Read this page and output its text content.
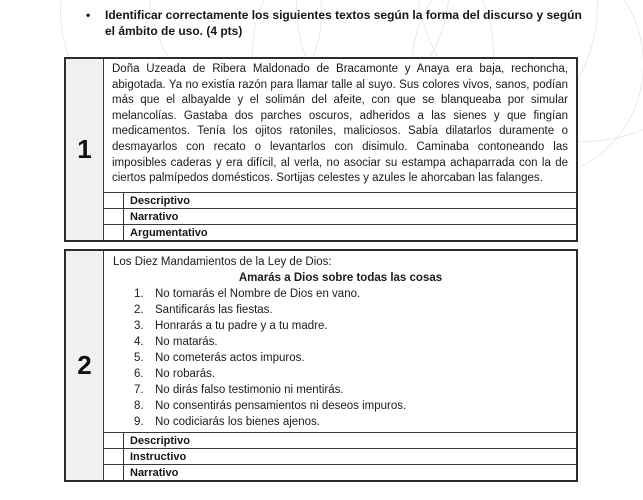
•	Identificar correctamente los siguientes textos según la forma del discurso y según el ámbito de uso. (4 pts)
1
Doña Uzeada de Ribera Maldonado de Bracamonte y Anaya era baja, rechoncha, abigotada. Ya no existía razón para llamar talle al suyo. Sus colores vivos, sanos, podían más que el albayalde y el solimán del afeite, con que se blanqueaba por simular melancolías. Gastaba dos parches oscuros, adheridos a las sienes y que fingían medicamentos. Tenía los ojitos ratoniles, maliciosos. Sabía dilatarlos duramente o desmayarlos con recato o levantarlos con disimulo. Caminaba contoneando las imposibles caderas y era difícil, al verla, no asociar su estampa achaparrada con la de ciertos palmípedos domésticos. Sortijas celestes y azules le ahorcaban las falanges.
Descriptivo
Narrativo
Argumentativo
2
Los Diez Mandamientos de la Ley de Dios:
Amarás a Dios sobre todas las cosas
1. No tomarás el Nombre de Dios en vano.
2. Santificarás las fiestas.
3. Honrarás a tu padre y a tu madre.
4. No matarás.
5. No cometerás actos impuros.
6. No robarás.
7. No dirás falso testimonio ni mentirás.
8. No consentirás pensamientos ni deseos impuros.
9. No codiciarás los bienes ajenos.
Descriptivo
Instructivo
Narrativo
